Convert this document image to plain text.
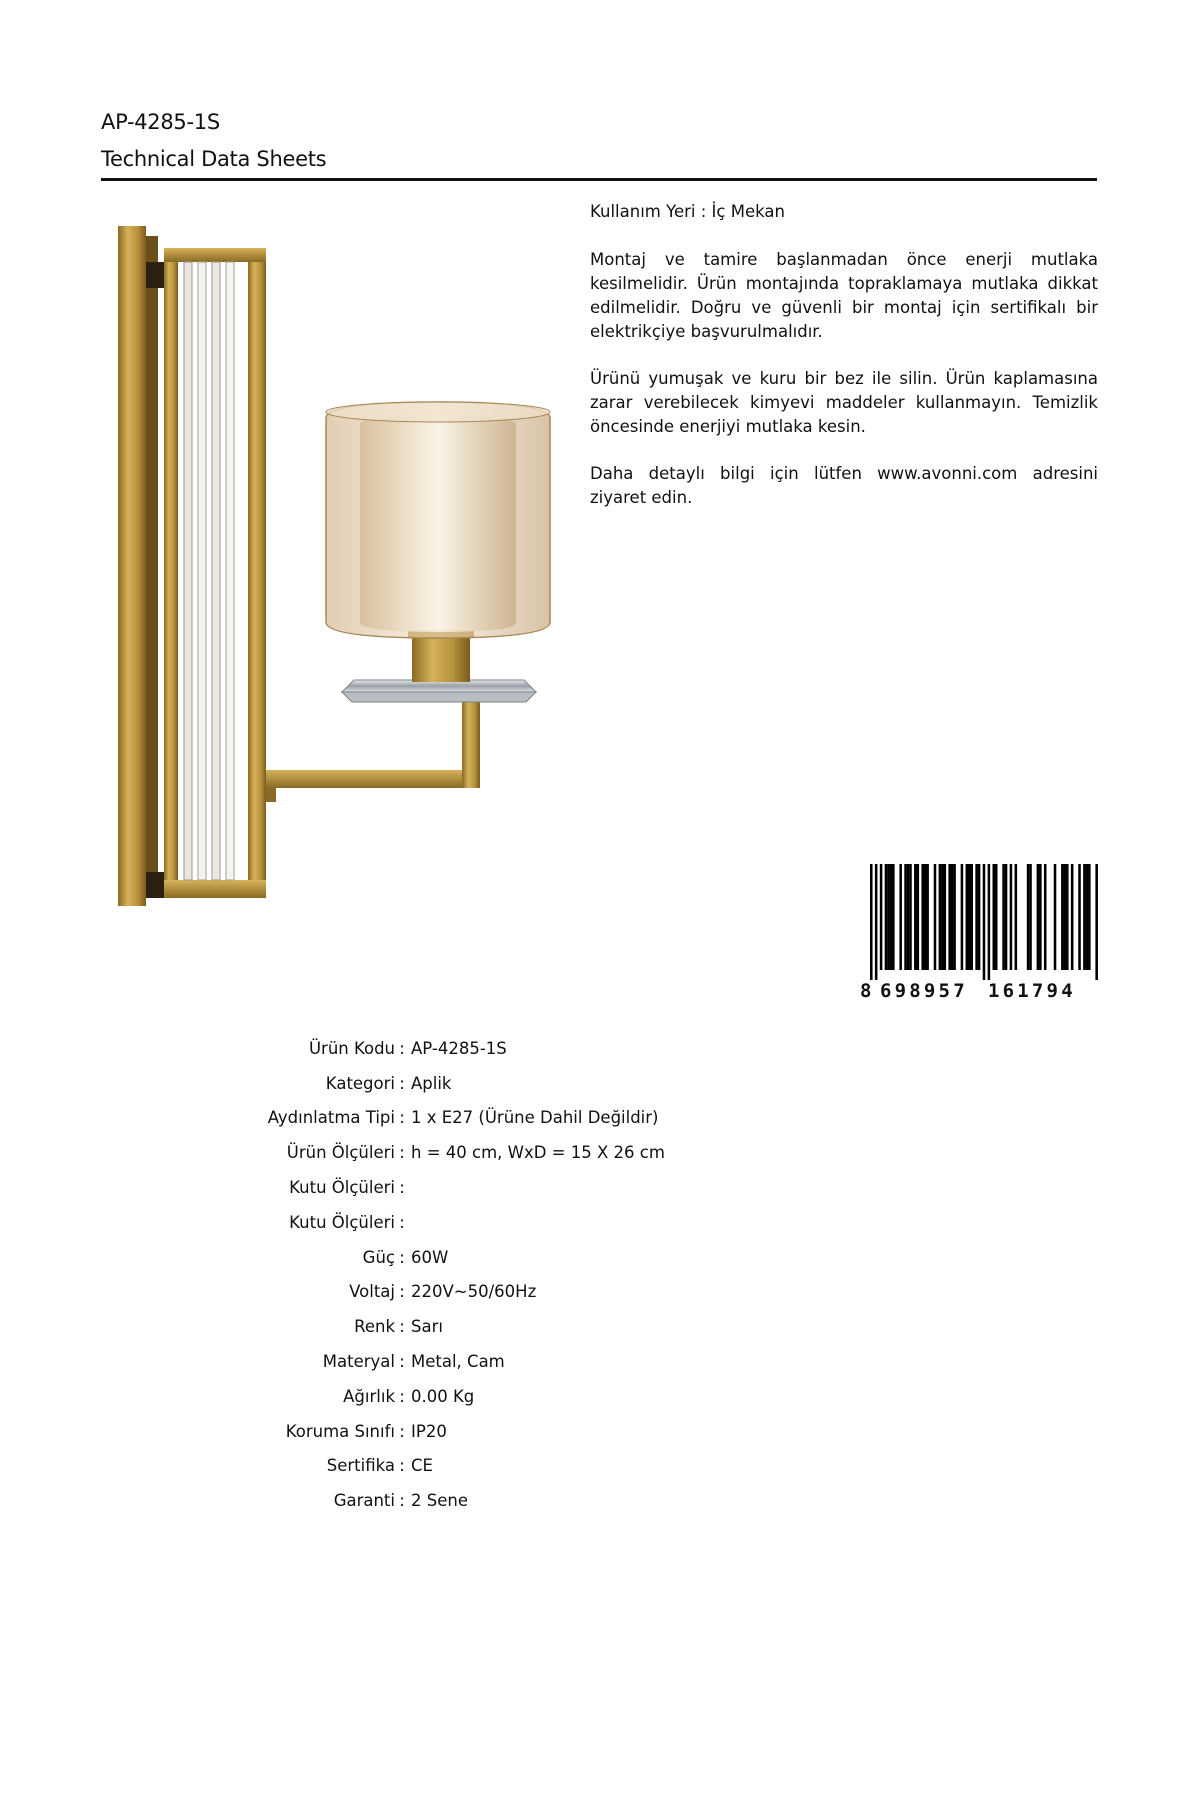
AP-4285-1S
Technical Data Sheets

Kullanım Yeri : İç Mekan

Montaj ve tamire başlanmadan önce enerji mutlaka kesilmelidir. Ürün montajında topraklamaya mutlaka dikkat edilmelidir. Doğru ve güvenli bir montaj için sertifikalı bir elektrikçiye başvurulmalıdır.

Ürünü yumuşak ve kuru bir bez ile silin. Ürün kaplamasına zarar verebilecek kimyevi maddeler kullanmayın. Temizlik öncesinde enerjiyi mutlaka kesin.

Daha detaylı bilgi için lütfen www.avonni.com adresini ziyaret edin.

8 698957 161794
Ürün Kodu : AP-4285-1S
Kategori : Aplik
Aydınlatma Tipi : 1 x E27 (Ürüne Dahil Değildir)
Ürün Ölçüleri : h = 40 cm, WxD = 15 X 26 cm
Kutu Ölçüleri :
Kutu Ölçüleri :
Güç : 60W
Voltaj : 220V~50/60Hz
Renk : Sarı
Materyal : Metal, Cam
Ağırlık : 0.00 Kg
Koruma Sınıfı : IP20
Sertifika : CE
Garanti : 2 Sene
